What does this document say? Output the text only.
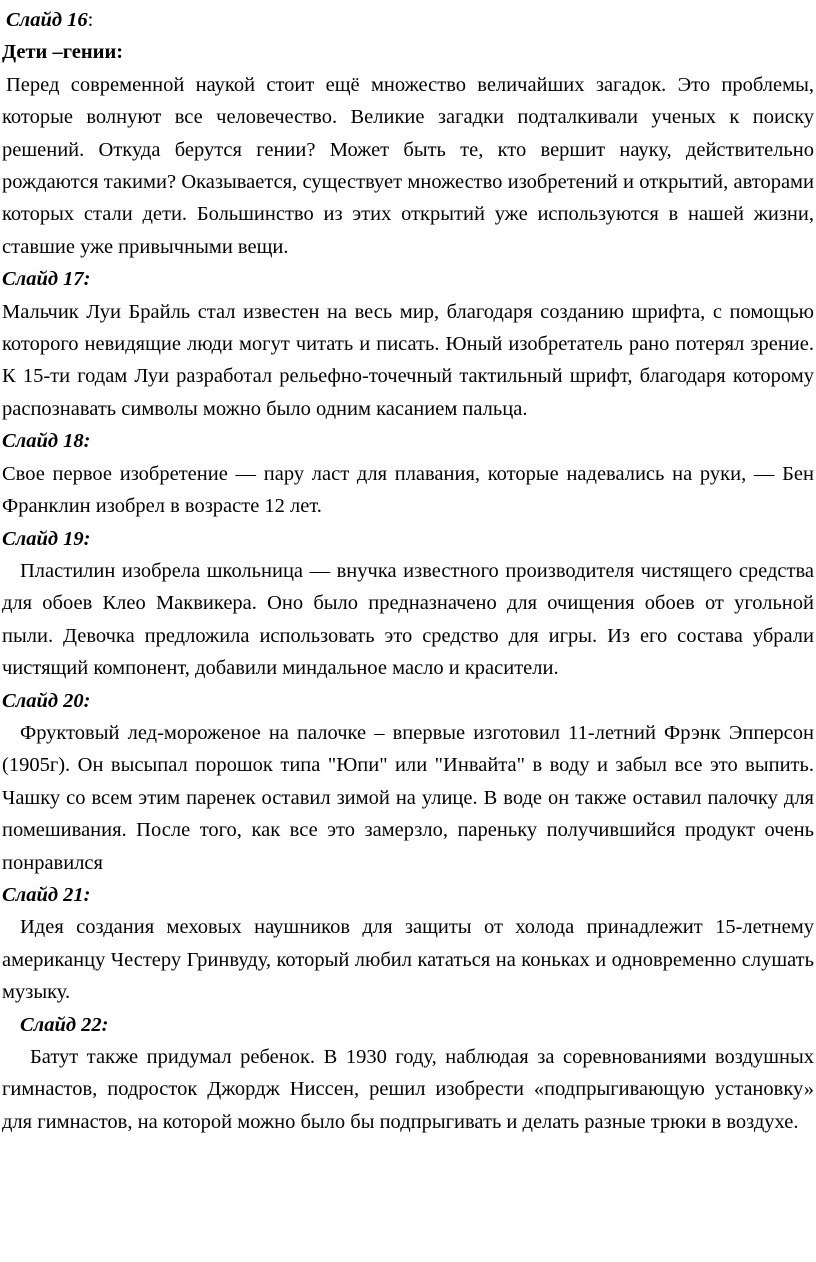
Слайд 16:
Дети –гении:

Перед современной наукой стоит ещё множество величайших загадок. Это проблемы, которые волнуют все человечество. Великие загадки подталкивали ученых к поиску решений. Откуда берутся гении? Может быть те, кто вершит науку, действительно рождаются такими? Оказывается, существует множество изобретений и открытий, авторами которых стали дети. Большинство из этих открытий уже используются в нашей жизни, ставшие уже привычными вещи.

Слайд 17:

Мальчик Луи Брайль стал известен на весь мир, благодаря созданию шрифта, с помощью которого невидящие люди могут читать и писать. Юный изобретатель рано потерял зрение. К 15-ти годам Луи разработал рельефно-точечный тактильный шрифт, благодаря которому распознавать символы можно было одним касанием пальца.

Слайд 18:

Свое первое изобретение — пару ласт для плавания, которые надевались на руки, — Бен Франклин изобрел в возрасте 12 лет.

Слайд 19:

Пластилин изобрела школьница — внучка известного производителя чистящего средства для обоев Клео Маквикера. Оно было предназначено для очищения обоев от угольной пыли. Девочка предложила использовать это средство для игры. Из его состава убрали чистящий компонент, добавили миндальное масло и красители.

Слайд 20:

Фруктовый лед-мороженое на палочке – впервые изготовил 11-летний Фрэнк Эпперсон (1905г). Он высыпал порошок типа "Юпи" или "Инвайта" в воду и забыл все это выпить. Чашку со всем этим паренек оставил зимой на улице. В воде он также оставил палочку для помешивания. После того, как все это замерзло, пареньку получившийся продукт очень понравился

Слайд 21:

Идея создания меховых наушников для защиты от холода принадлежит 15-летнему американцу Честеру Гринвуду, который любил кататься на коньках и одновременно слушать музыку.

Слайд 22:

Батут также придумал ребенок. В 1930 году, наблюдая за соревнованиями воздушных гимнастов, подросток Джордж Ниссен, решил изобрести «подпрыгивающую установку» для гимнастов, на которой можно было бы подпрыгивать и делать разные трюки в воздухе.
